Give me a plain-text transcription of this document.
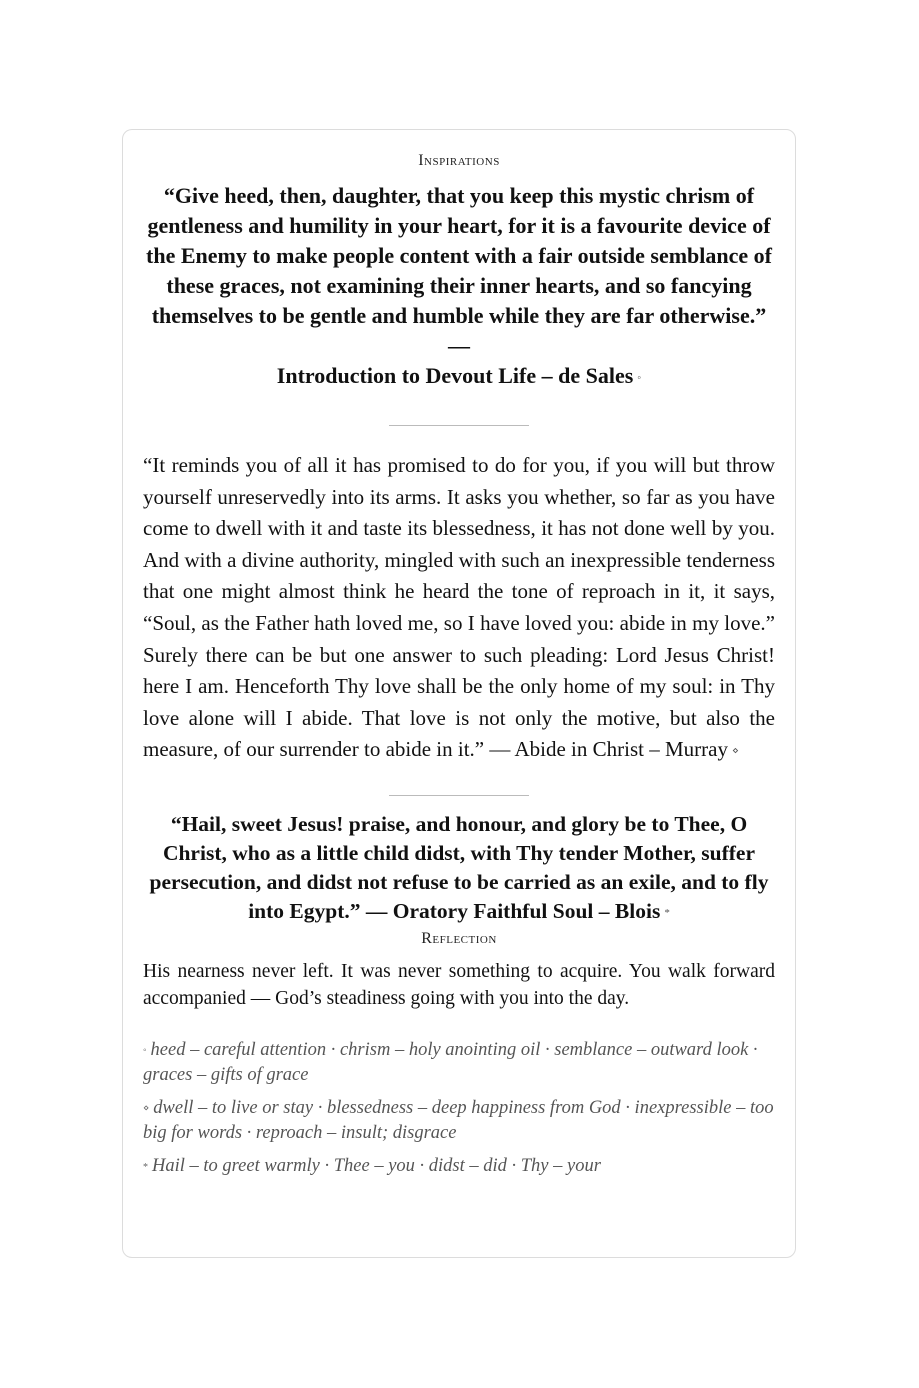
Inspirations

“Give heed, then, daughter, that you keep this mystic chrism of gentleness and humility in your heart, for it is a favourite device of the Enemy to make people content with a fair outside semblance of these graces, not examining their inner hearts, and so fancying themselves to be gentle and humble while they are far otherwise.” —
Introduction to Devout Life – de Sales ◦

“It reminds you of all it has promised to do for you, if you will but throw yourself unreservedly into its arms. It asks you whether, so far as you have come to dwell with it and taste its blessedness, it has not done well by you. And with a divine authority, mingled with such an inexpressible tenderness that one might almost think he heard the tone of reproach in it, it says, “Soul, as the Father hath loved me, so I have loved you: abide in my love.” Surely there can be but one answer to such pleading: Lord Jesus Christ! here I am. Henceforth Thy love shall be the only home of my soul: in Thy love alone will I abide. That love is not only the motive, but also the measure, of our surrender to abide in it.” — Abide in Christ – Murray ⋄

“Hail, sweet Jesus! praise, and honour, and glory be to Thee, O Christ, who as a little child didst, with Thy tender Mother, suffer persecution, and didst not refuse to be carried as an exile, and to fly into Egypt.” — Oratory Faithful Soul – Blois *

Reflection

His nearness never left. It was never something to acquire. You walk forward accompanied — God’s steadiness going with you into the day.

◦ heed – careful attention · chrism – holy anointing oil · semblance – outward look · graces – gifts of grace
⋄ dwell – to live or stay · blessedness – deep happiness from God · inexpressible – too big for words · reproach – insult; disgrace
* Hail – to greet warmly · Thee – you · didst – did · Thy – your
